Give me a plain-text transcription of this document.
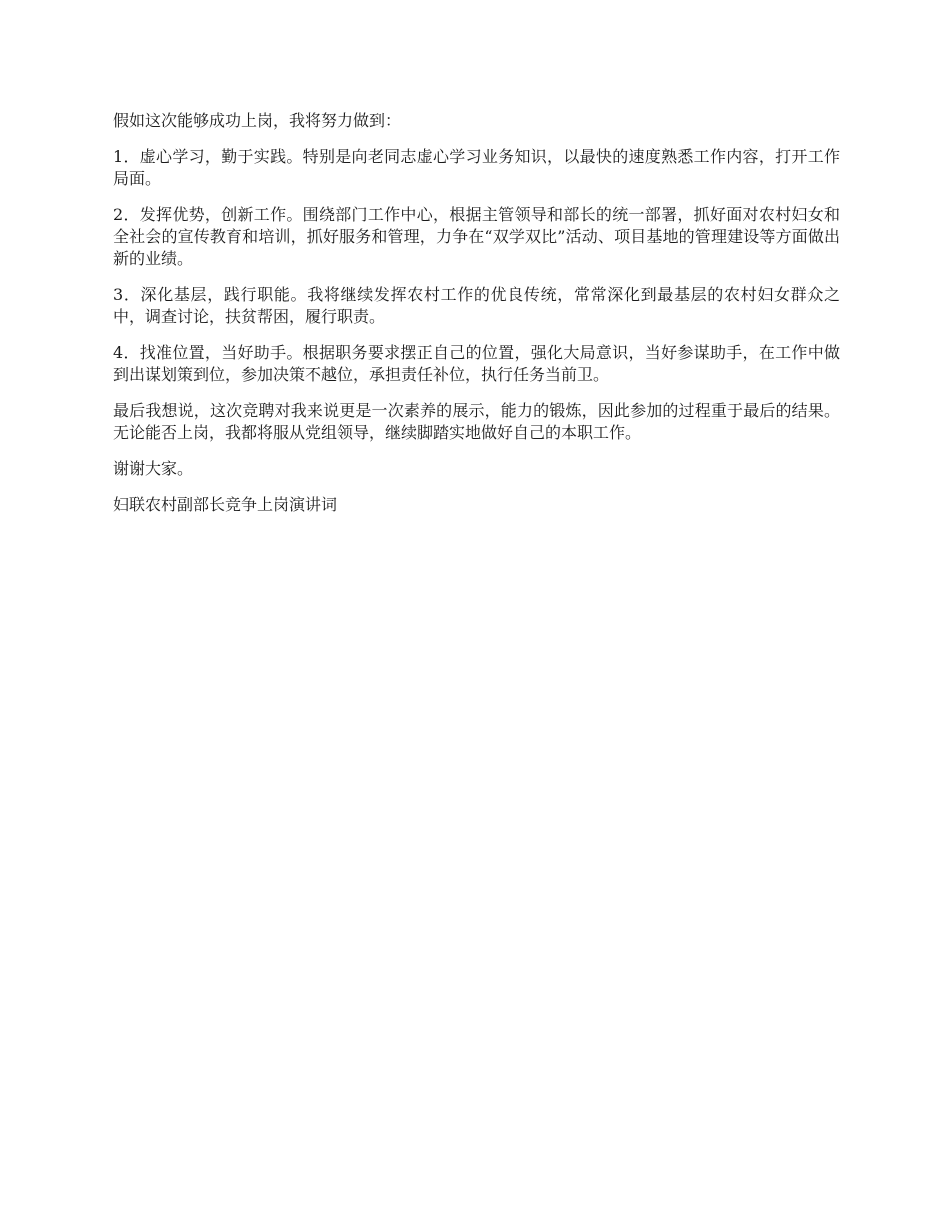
假如这次能够成功上岗，我将努力做到：

1．虚心学习，勤于实践。特别是向老同志虚心学习业务知识，以最快的速度熟悉工作内容，打开工作局面。

2．发挥优势，创新工作。围绕部门工作中心，根据主管领导和部长的统一部署，抓好面对农村妇女和全社会的宣传教育和培训，抓好服务和管理，力争在“双学双比”活动、项目基地的管理建设等方面做出新的业绩。

3．深化基层，践行职能。我将继续发挥农村工作的优良传统，常常深化到最基层的农村妇女群众之中，调查讨论，扶贫帮困，履行职责。

4．找准位置，当好助手。根据职务要求摆正自己的位置，强化大局意识，当好参谋助手，在工作中做到出谋划策到位，参加决策不越位，承担责任补位，执行任务当前卫。

最后我想说，这次竞聘对我来说更是一次素养的展示，能力的锻炼，因此参加的过程重于最后的结果。无论能否上岗，我都将服从党组领导，继续脚踏实地做好自己的本职工作。

谢谢大家。

妇联农村副部长竞争上岗演讲词
